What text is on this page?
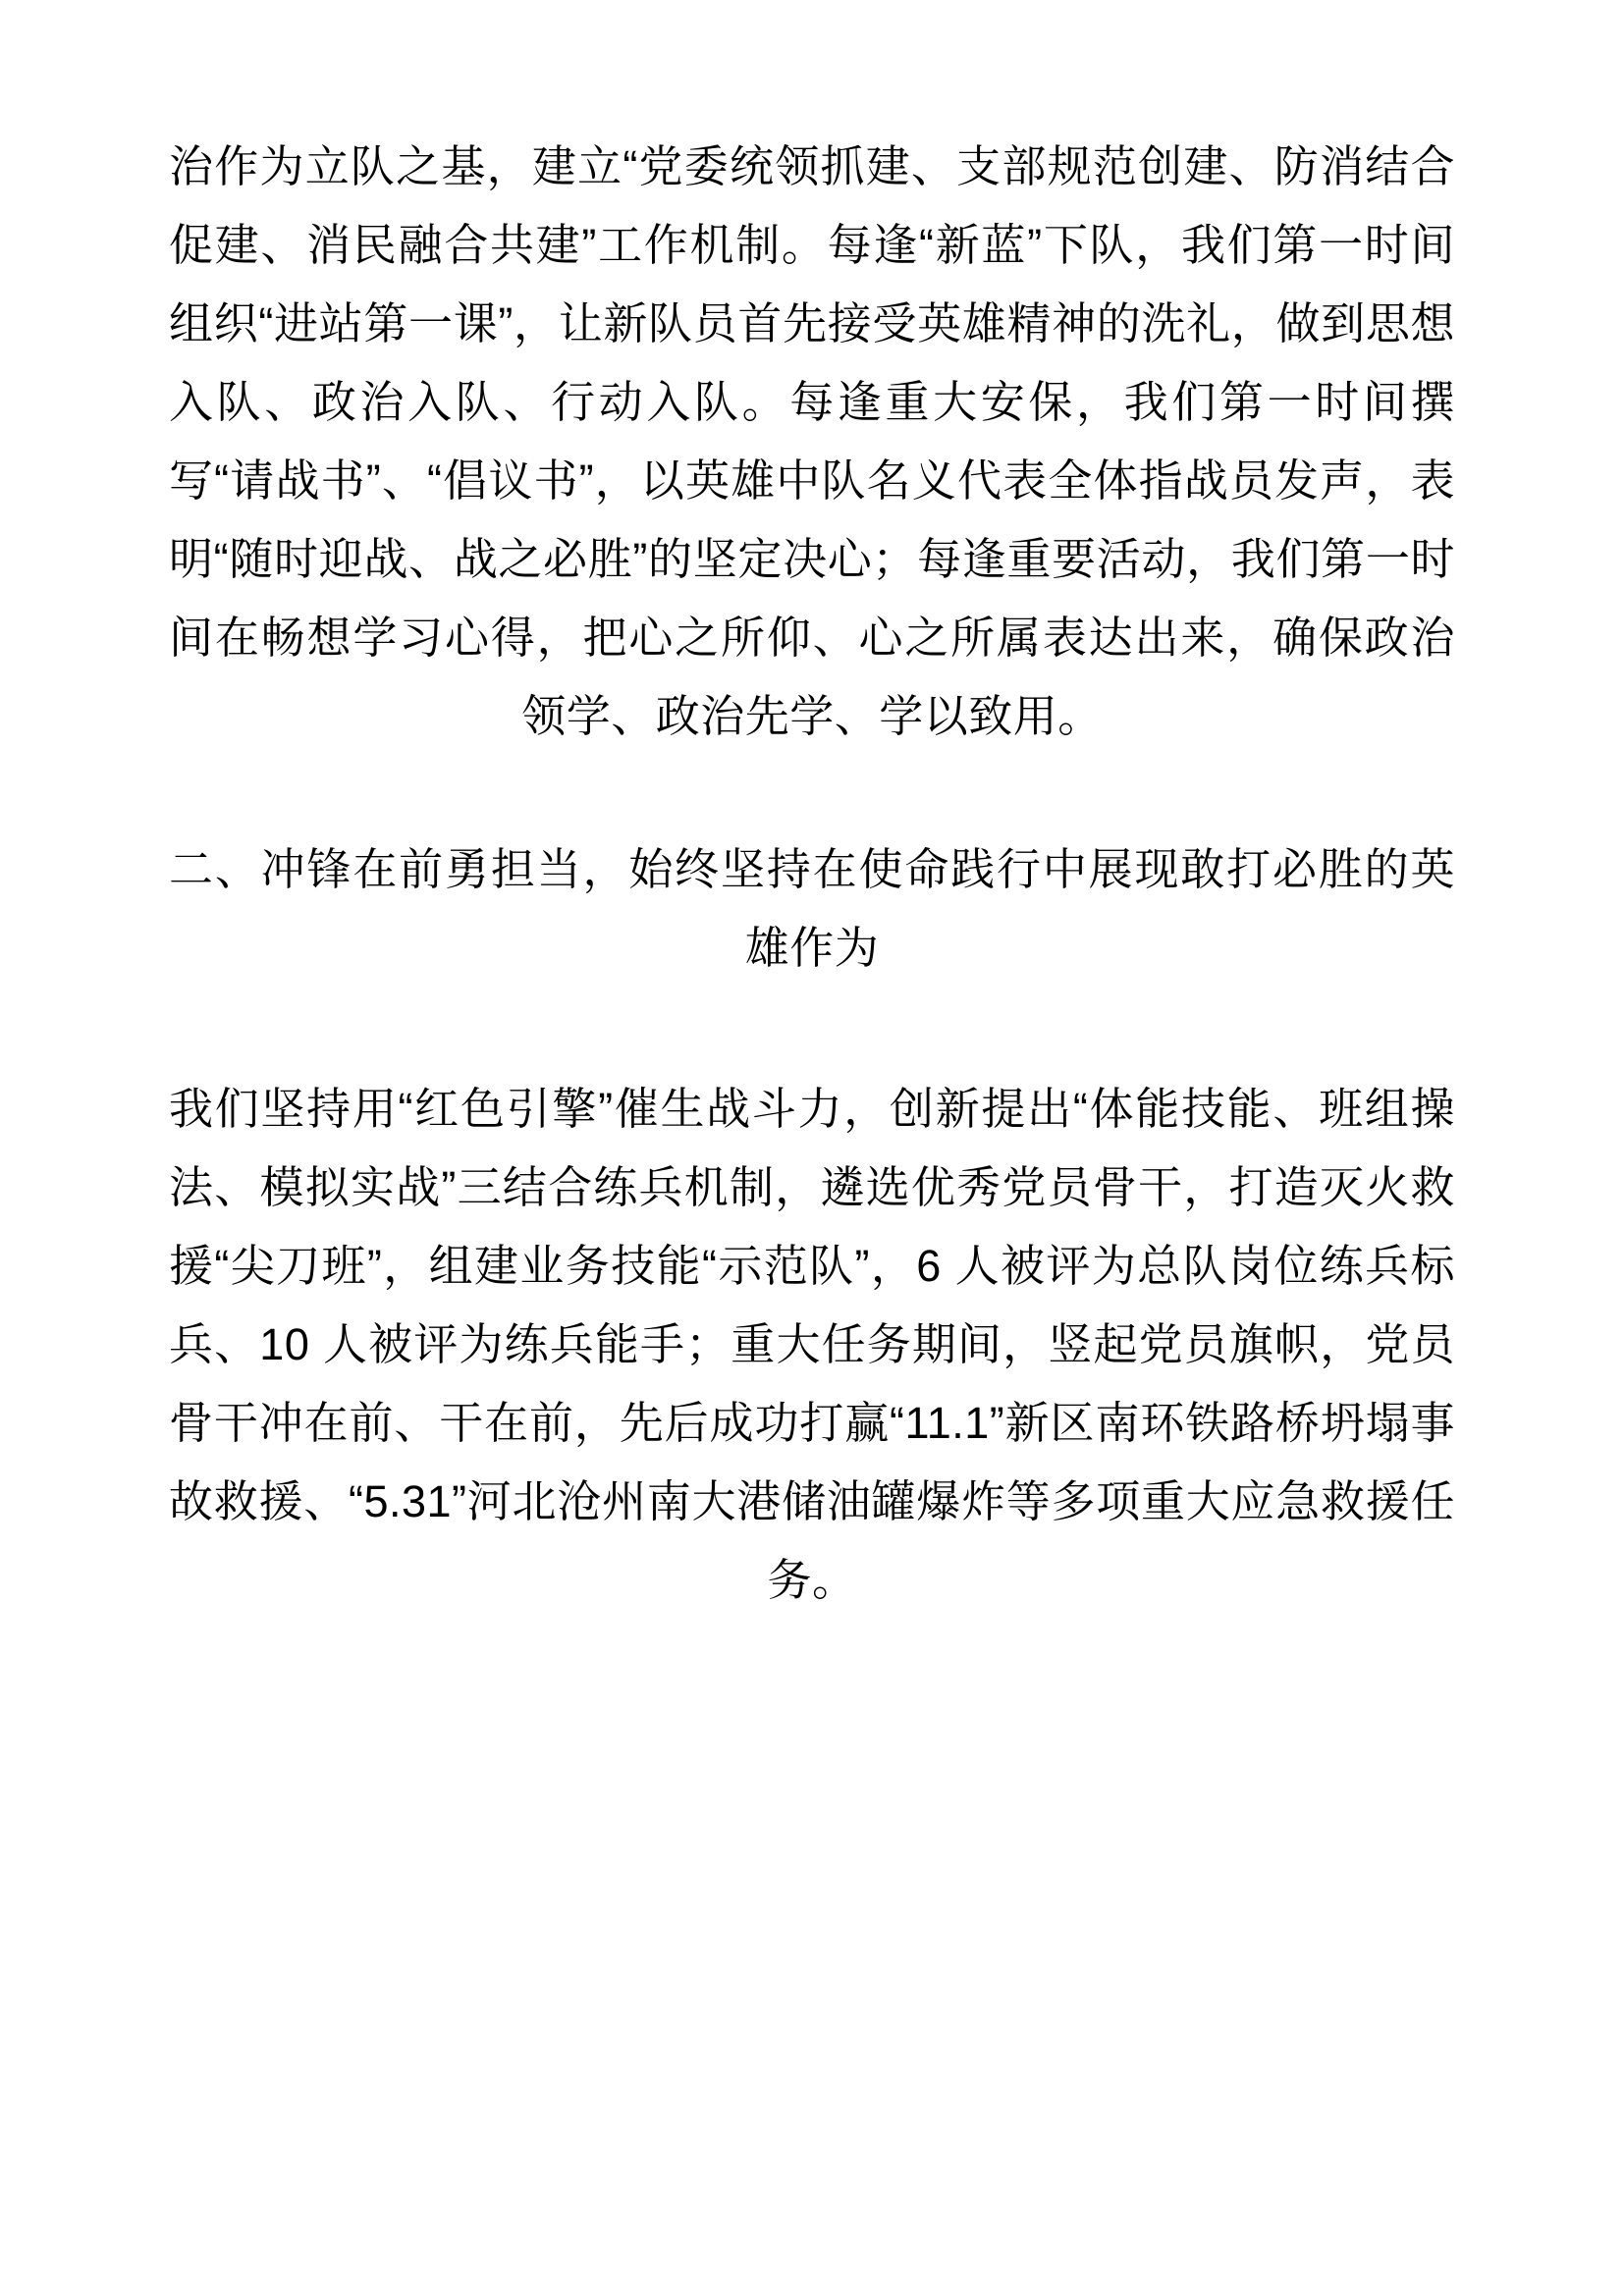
治作为立队之基，建立“党委统领抓建、支部规范创建、防消结合促建、消民融合共建”工作机制。每逢“新蓝”下队，我们第一时间组织“进站第一课”，让新队员首先接受英雄精神的洗礼，做到思想入队、政治入队、行动入队。每逢重大安保，我们第一时间撰写“请战书”、“倡议书”，以英雄中队名义代表全体指战员发声，表明“随时迎战、战之必胜”的坚定决心；每逢重要活动，我们第一时间在畅想学习心得，把心之所仰、心之所属表达出来，确保政治领学、政治先学、学以致用。

二、冲锋在前勇担当，始终坚持在使命践行中展现敢打必胜的英雄作为

我们坚持用“红色引擎”催生战斗力，创新提出“体能技能、班组操法、模拟实战”三结合练兵机制，遴选优秀党员骨干，打造灭火救援“尖刀班”，组建业务技能“示范队”，6 人被评为总队岗位练兵标兵、10 人被评为练兵能手；重大任务期间，竖起党员旗帜，党员骨干冲在前、干在前，先后成功打赢“11.1”新区南环铁路桥坍塌事故救援、“5.31”河北沧州南大港储油罐爆炸等多项重大应急救援任务。
